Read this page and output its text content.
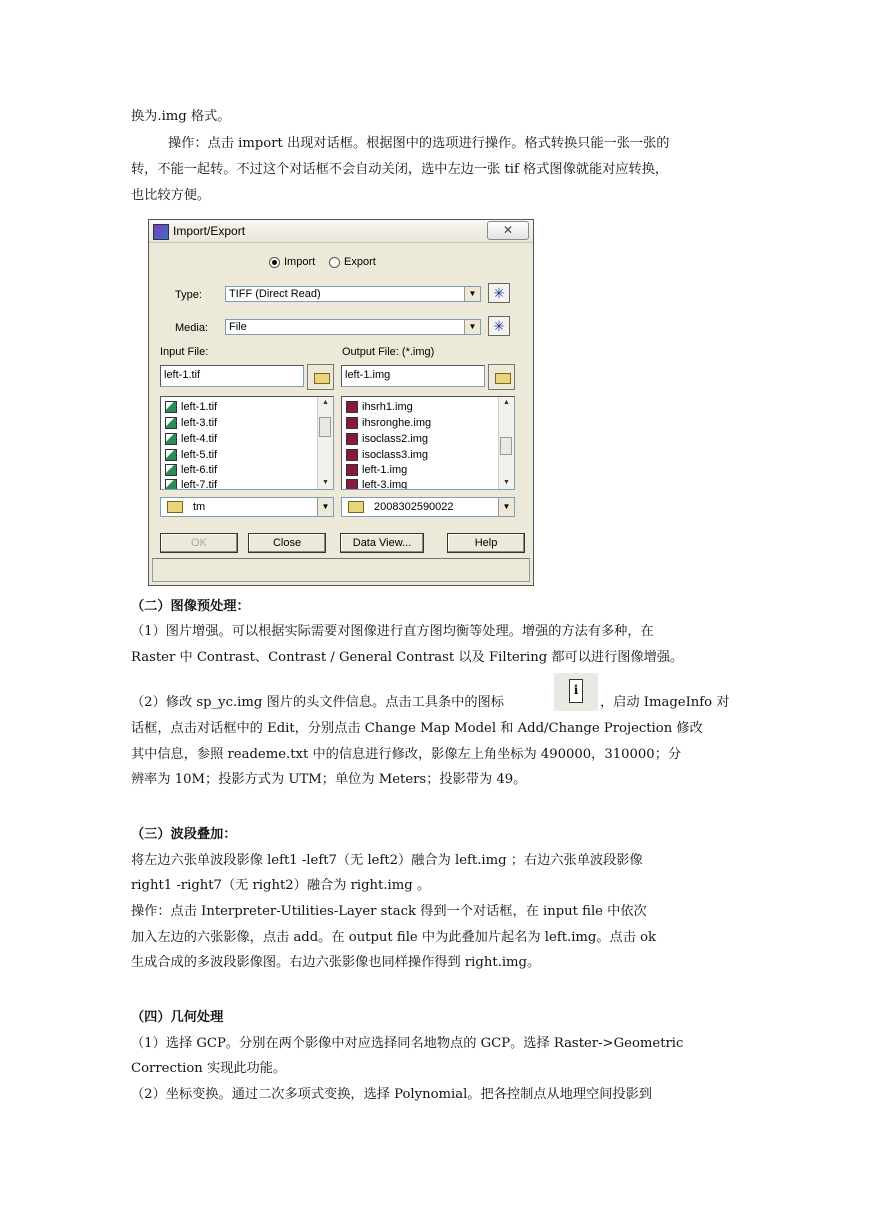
换为.img 格式。
操作：点击 import 出现对话框。根据图中的选项进行操作。格式转换只能一张一张的
转，不能一起转。不过这个对话框不会自动关闭，选中左边一张 tif 格式图像就能对应转换，
也比较方便。
Import/Export	✕
Import	Export
Type: TIFF (Direct Read)	▼	✳
Media: File	▼	✳
Input File:	Output File: (*.img)
left-1.tif	left-1.img
left-1.tif
left-3.tif
left-4.tif
left-5.tif
left-6.tif
left-7.tif
▲
▼
ihsrh1.img
ihsronghe.img
isoclass2.img
isoclass3.img
left-1.img
left-3.img
▲
▼
tm	▼	2008302590022	▼
OK	Close	Data View...	Help
（二）图像预处理：
（1）图片增强。可以根据实际需要对图像进行直方图均衡等处理。增强的方法有多种，在
Raster 中 Contrast、Contrast / General Contrast 以及 Filtering 都可以进行图像增强。
（2）修改 sp_yc.img 图片的头文件信息。点击工具条中的图标
i
，启动 ImageInfo 对
话框，点击对话框中的 Edit，分别点击 Change Map Model 和 Add/Change Projection 修改
其中信息，参照 reademe.txt 中的信息进行修改，影像左上角坐标为 490000，310000；分
辨率为 10M；投影方式为 UTM；单位为 Meters；投影带为 49。
（三）波段叠加：
将左边六张单波段影像 left1 -left7（无 left2）融合为 left.img ；右边六张单波段影像
right1 -right7（无 right2）融合为 right.img 。
操作：点击 Interpreter-Utilities-Layer stack 得到一个对话框，在 input file 中依次
加入左边的六张影像，点击 add。在 output file 中为此叠加片起名为 left.img。点击 ok
生成合成的多波段影像图。右边六张影像也同样操作得到 right.img。
（四）几何处理
（1）选择 GCP。分别在两个影像中对应选择同名地物点的 GCP。选择 Raster->Geometric
Correction 实现此功能。
（2）坐标变换。通过二次多项式变换，选择 Polynomial。把各控制点从地理空间投影到
